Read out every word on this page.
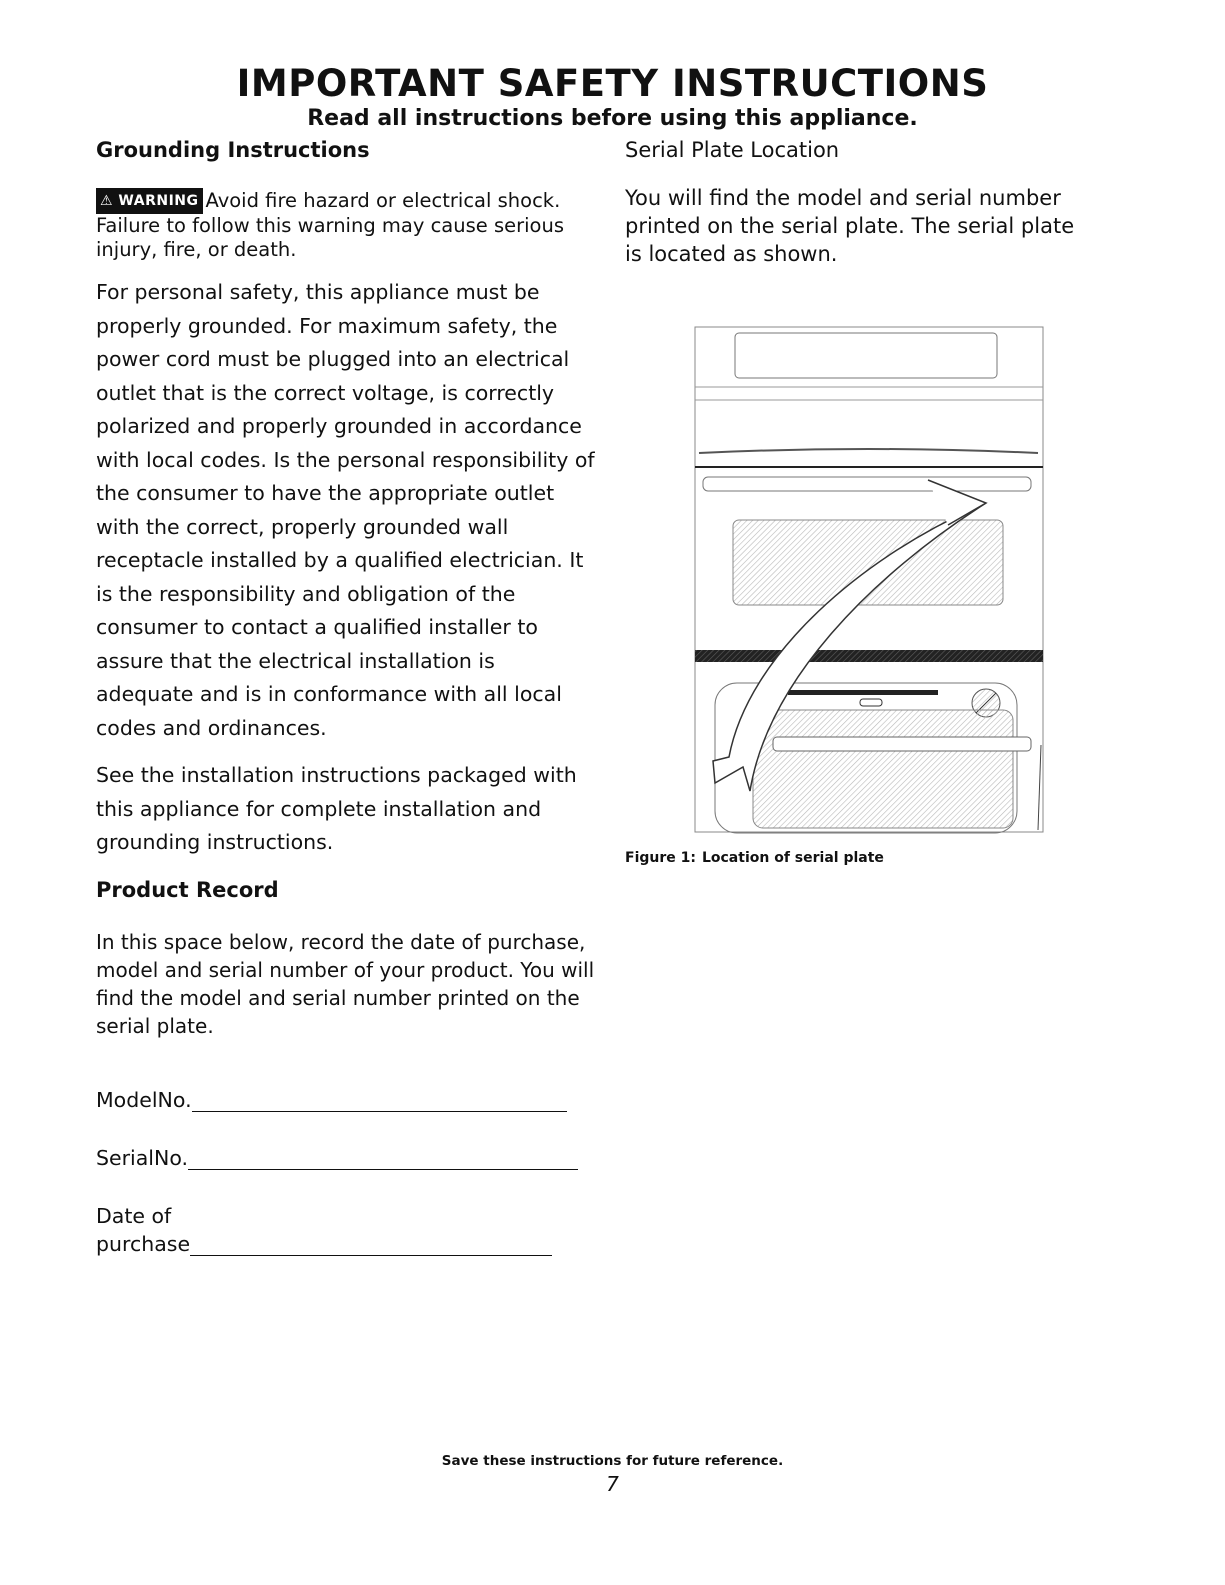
IMPORTANT SAFETY INSTRUCTIONS
Read all instructions before using this appliance.
Grounding Instructions
⚠ WARNING Avoid fire hazard or electrical shock. Failure to follow this warning may cause serious injury, fire, or death.
For personal safety, this appliance must be properly grounded. For maximum safety, the power cord must be plugged into an electrical outlet that is the correct voltage, is correctly polarized and properly grounded in accordance with local codes. Is the personal responsibility of the consumer to have the appropriate outlet with the correct, properly grounded wall receptacle installed by a qualified electrician. It is the responsibility and obligation of the consumer to contact a qualified installer to assure that the electrical installation is adequate and is in conformance with all local codes and ordinances.
See the installation instructions packaged with this appliance for complete installation and grounding instructions.
Product Record
In this space below, record the date of purchase, model and serial number of your product. You will find the model and serial number printed on the serial plate.
ModelNo.
SerialNo.
Date of
purchase
Serial Plate Location
You will find the model and serial number printed on the serial plate. The serial plate is located as shown.
Figure 1: Location of serial plate
Save these instructions for future reference.
7
